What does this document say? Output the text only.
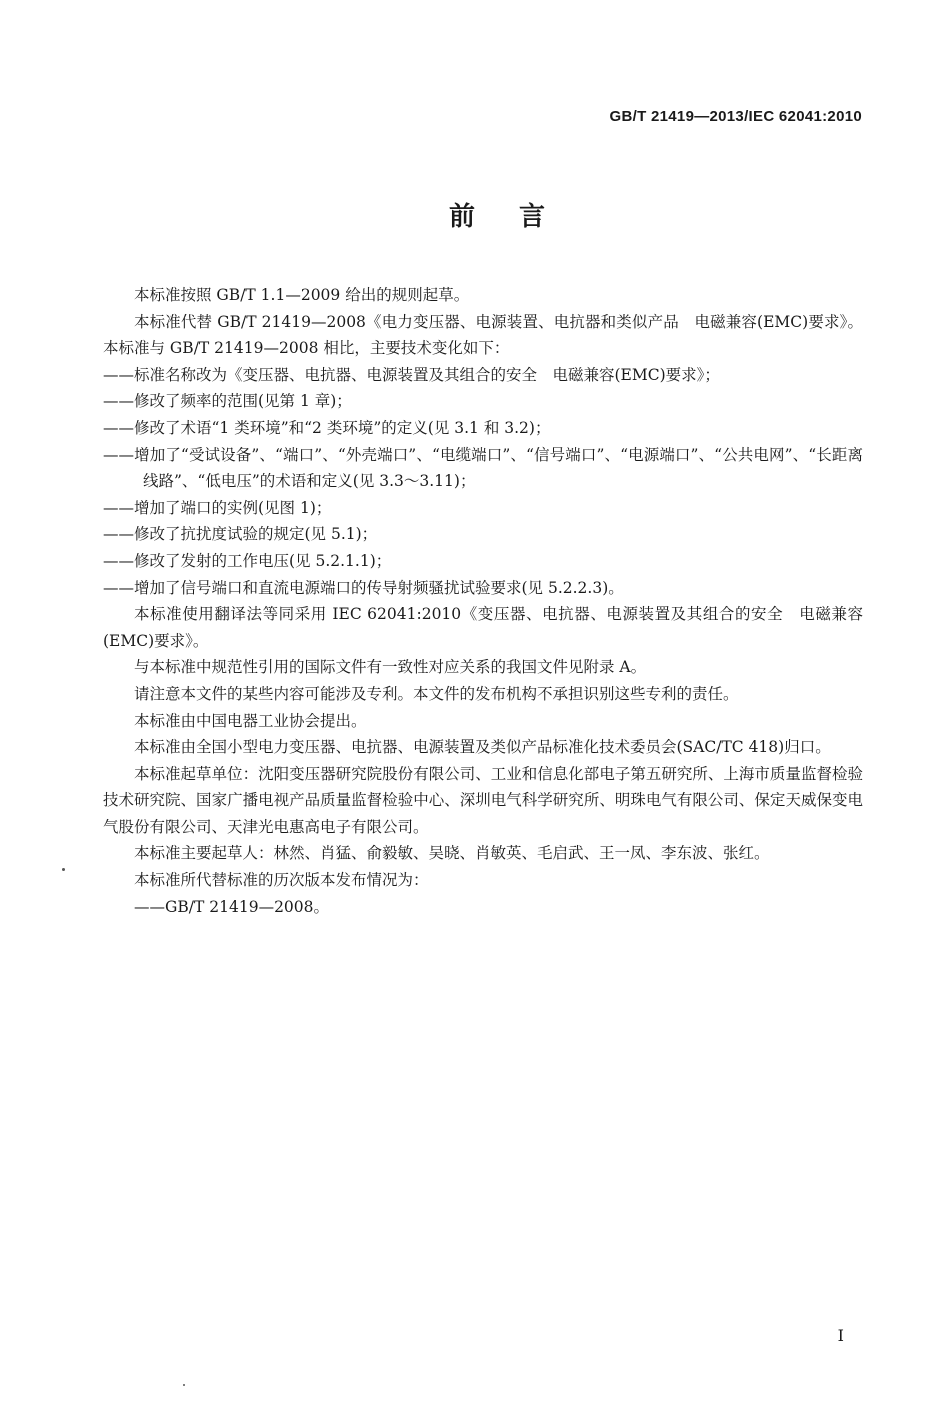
GB/T 21419—2013/IEC 62041:2010
前言

本标准按照 GB/T 1.1—2009 给出的规则起草。

本标准代替 GB/T 21419—2008《电力变压器、电源装置、电抗器和类似产品　电磁兼容(EMC)要求》。本标准与 GB/T 21419—2008 相比，主要技术变化如下：

——标准名称改为《变压器、电抗器、电源装置及其组合的安全　电磁兼容(EMC)要求》；

——修改了频率的范围(见第 1 章)；

——修改了术语“1 类环境”和“2 类环境”的定义(见 3.1 和 3.2)；

——增加了“受试设备”、“端口”、“外壳端口”、“电缆端口”、“信号端口”、“电源端口”、“公共电网”、“长距离线路”、“低电压”的术语和定义(见 3.3～3.11)；

——增加了端口的实例(见图 1)；

——修改了抗扰度试验的规定(见 5.1)；

——修改了发射的工作电压(见 5.2.1.1)；

——增加了信号端口和直流电源端口的传导射频骚扰试验要求(见 5.2.2.3)。

本标准使用翻译法等同采用 IEC 62041:2010《变压器、电抗器、电源装置及其组合的安全　电磁兼容(EMC)要求》。

与本标准中规范性引用的国际文件有一致性对应关系的我国文件见附录 A。

请注意本文件的某些内容可能涉及专利。本文件的发布机构不承担识别这些专利的责任。

本标准由中国电器工业协会提出。

本标准由全国小型电力变压器、电抗器、电源装置及类似产品标准化技术委员会(SAC/TC 418)归口。

本标准起草单位：沈阳变压器研究院股份有限公司、工业和信息化部电子第五研究所、上海市质量监督检验技术研究院、国家广播电视产品质量监督检验中心、深圳电气科学研究所、明珠电气有限公司、保定天威保变电气股份有限公司、天津光电惠高电子有限公司。

本标准主要起草人：林然、肖猛、俞毅敏、吴晓、肖敏英、毛启武、王一凤、李东波、张红。

本标准所代替标准的历次版本发布情况为：

——GB/T 21419—2008。

I
